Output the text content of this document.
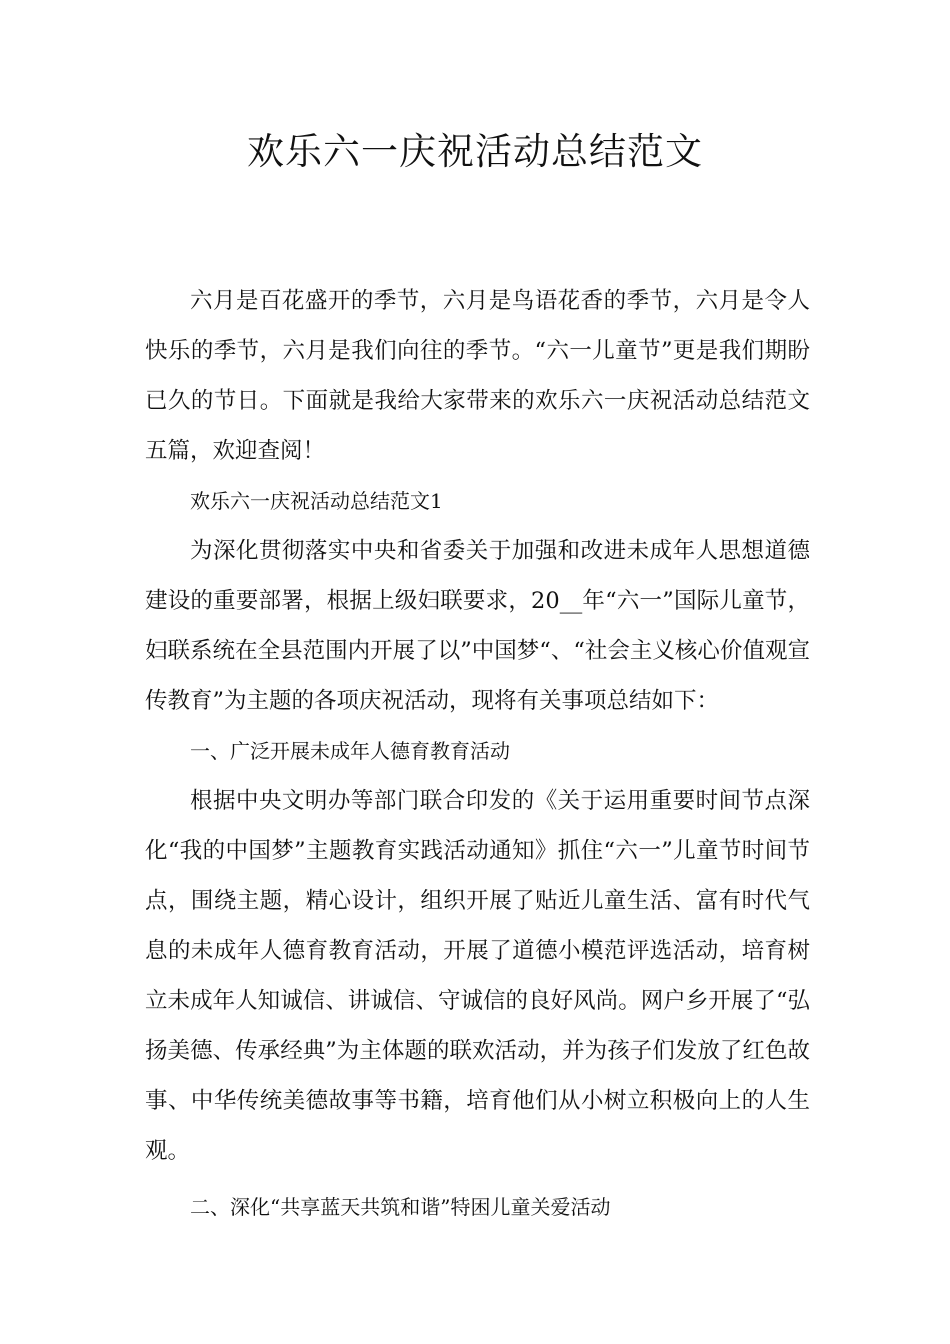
欢乐六一庆祝活动总结范文

六月是百花盛开的季节，六月是鸟语花香的季节，六月是令人快乐的季节，六月是我们向往的季节。“六一儿童节”更是我们期盼已久的节日。下面就是我给大家带来的欢乐六一庆祝活动总结范文五篇，欢迎查阅！

欢乐六一庆祝活动总结范文1

为深化贯彻落实中央和省委关于加强和改进未成年人思想道德建设的重要部署，根据上级妇联要求，20__年“六一”国际儿童节，妇联系统在全县范围内开展了以”中国梦“、“社会主义核心价值观宣传教育”为主题的各项庆祝活动，现将有关事项总结如下：

一、广泛开展未成年人德育教育活动

根据中央文明办等部门联合印发的《关于运用重要时间节点深化“我的中国梦”主题教育实践活动通知》抓住“六一”儿童节时间节点，围绕主题，精心设计，组织开展了贴近儿童生活、富有时代气息的未成年人德育教育活动，开展了道德小模范评选活动，培育树立未成年人知诚信、讲诚信、守诚信的良好风尚。网户乡开展了“弘扬美德、传承经典”为主体题的联欢活动，并为孩子们发放了红色故事、中华传统美德故事等书籍，培育他们从小树立积极向上的人生观。

二、深化“共享蓝天共筑和谐”特困儿童关爱活动
